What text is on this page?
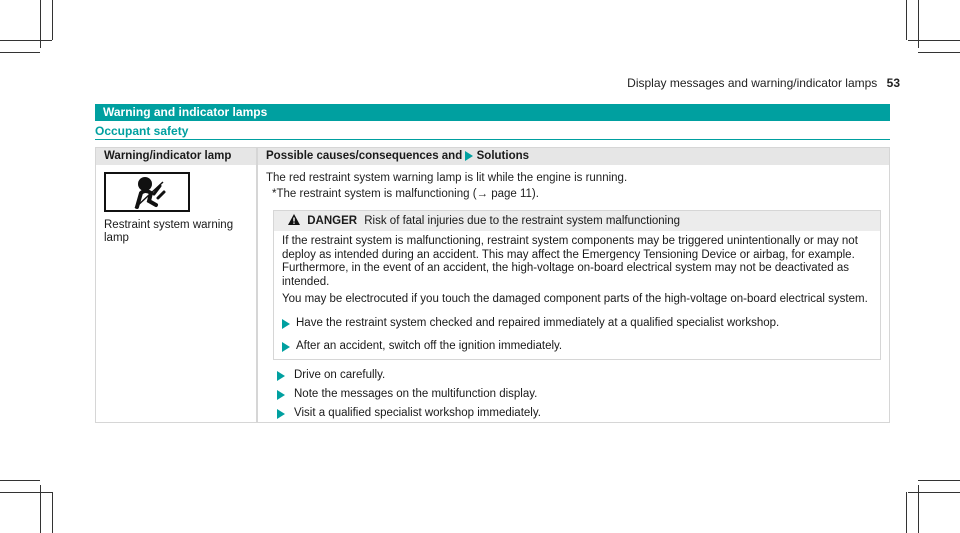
Display messages and warning/indicator lamps 53
Warning and indicator lamps
Occupant safety
Warning/indicator lamp	Possible causes/consequences and Solutions
Restraint system warning lamp
The red restraint system warning lamp is lit while the engine is running.
*The restraint system is malfunctioning (→ page 11).
DANGER Risk of fatal injuries due to the restraint system malfunctioning

If the restraint system is malfunctioning, restraint system components may be triggered unintentionally or may not deploy as intended during an accident. This may affect the Emergency Tensioning Device or airbag, for example. Furthermore, in the event of an accident, the high-voltage on-board electrical system may not be deactivated as intended.

You may be electrocuted if you touch the damaged component parts of the high-voltage on-board electrical system.

Have the restraint system checked and repaired immediately at a qualified specialist workshop.
After an accident, switch off the ignition immediately.
Drive on carefully.
Note the messages on the multifunction display.
Visit a qualified specialist workshop immediately.
